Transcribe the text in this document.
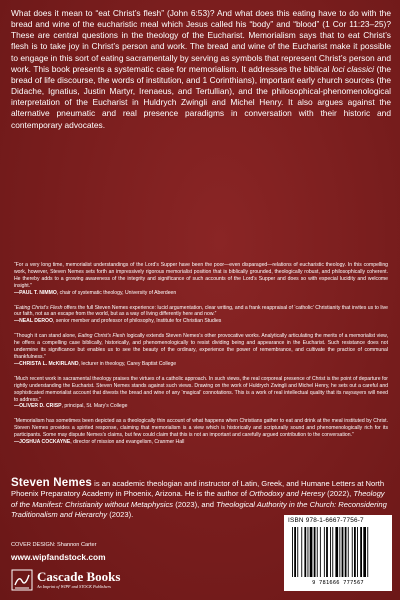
What does it mean to “eat Christ’s flesh” (John 6:53)? And what does this eating have to do with the bread and wine of the eucharistic meal which Jesus called his “body” and “blood” (1 Cor 11:23–25)? These are central questions in the theology of the Eucharist. Memorialism says that to eat Christ’s flesh is to take joy in Christ’s person and work. The bread and wine of the Eucharist make it possible to engage in this sort of eating sacramentally by serving as symbols that represent Christ’s person and work. This book presents a systematic case for memorialism. It addresses the biblical loci classici (the bread of life discourse, the words of institution, and 1 Corinthians), important early church sources (the Didache, Ignatius, Justin Martyr, Irenaeus, and Tertullian), and the philosophical-phenomenological interpretation of the Eucharist in Huldrych Zwingli and Michel Henry. It also argues against the alternative pneumatic and real presence paradigms in conversation with their historic and contemporary advocates.

“For a very long time, memorialist understandings of the Lord’s Supper have been the poor—even disparaged—relations of eucharistic theology. In this compelling work, however, Steven Nemes sets forth an impressively rigorous memorialist position that is biblically grounded, theologically robust, and philosophically coherent. He thereby adds to a growing awareness of the integrity and significance of such accounts of the Lord’s Supper and does so with especial lucidity and welcome insight.”
—PAUL T. NIMMO, chair of systematic theology, University of Aberdeen

“Eating Christ’s Flesh offers the full Steven Nemes experience: lucid argumentation, clear writing, and a frank reappraisal of ‘catholic’ Christianity that invites us to live our faith, not as an escape from the world, but as a way of living differently here and now.”
—NEAL DEROO, senior member and professor of philosophy, Institute for Christian Studies

“Though it can stand alone, Eating Christ’s Flesh logically extends Steven Nemes’s other provocative works. Analytically articulating the merits of a memorialist view, he offers a compelling case biblically, historically, and phenomenologically to resist dividing being and appearance in the Eucharist. Such resistance does not undermine its significance but enables us to see the beauty of the ordinary, experience the power of remembrance, and cultivate the practice of communal thankfulness.”
—CHRISTA L. McKIRLAND, lecturer in theology, Carey Baptist College

“Much recent work in sacramental theology praises the virtues of a catholic approach. In such views, the real corporeal presence of Christ is the point of departure for rightly understanding the Eucharist. Steven Nemes stands against such views. Drawing on the work of Huldrych Zwingli and Michel Henry, he sets out a careful and sophisticated memorialist account that divests the bread and wine of any ‘magical’ connotations. This is a work of real intellectual quality that its naysayers will need to address.”
—OLIVER D. CRISP, principal, St. Mary’s College

“Memorialism has sometimes been depicted as a theologically thin account of what happens when Christians gather to eat and drink at the meal instituted by Christ. Steven Nemes provides a spirited response, claiming that memorialism is a view which is historically and scripturally sound and phenomenologically rich for its participants. Some may dispute Nemes’s claims, but few could claim that this is not an important and carefully argued contribution to the conversation.”
—JOSHUA COCKAYNE, director of mission and evangelism, Cranmer Hall

Steven Nemes is an academic theologian and instructor of Latin, Greek, and Humane Letters at North Phoenix Preparatory Academy in Phoenix, Arizona. He is the author of Orthodoxy and Heresy (2022), Theology of the Manifest: Christianity without Metaphysics (2023), and Theological Authority in the Church: Reconsidering Traditionalism and Hierarchy (2023).

COVER DESIGN: Shannon Carter

www.wipfandstock.com

Cascade Books
An Imprint of WIPF and STOCK Publishers
ISBN 978-1-6667-7756-7
9 781666 777567
